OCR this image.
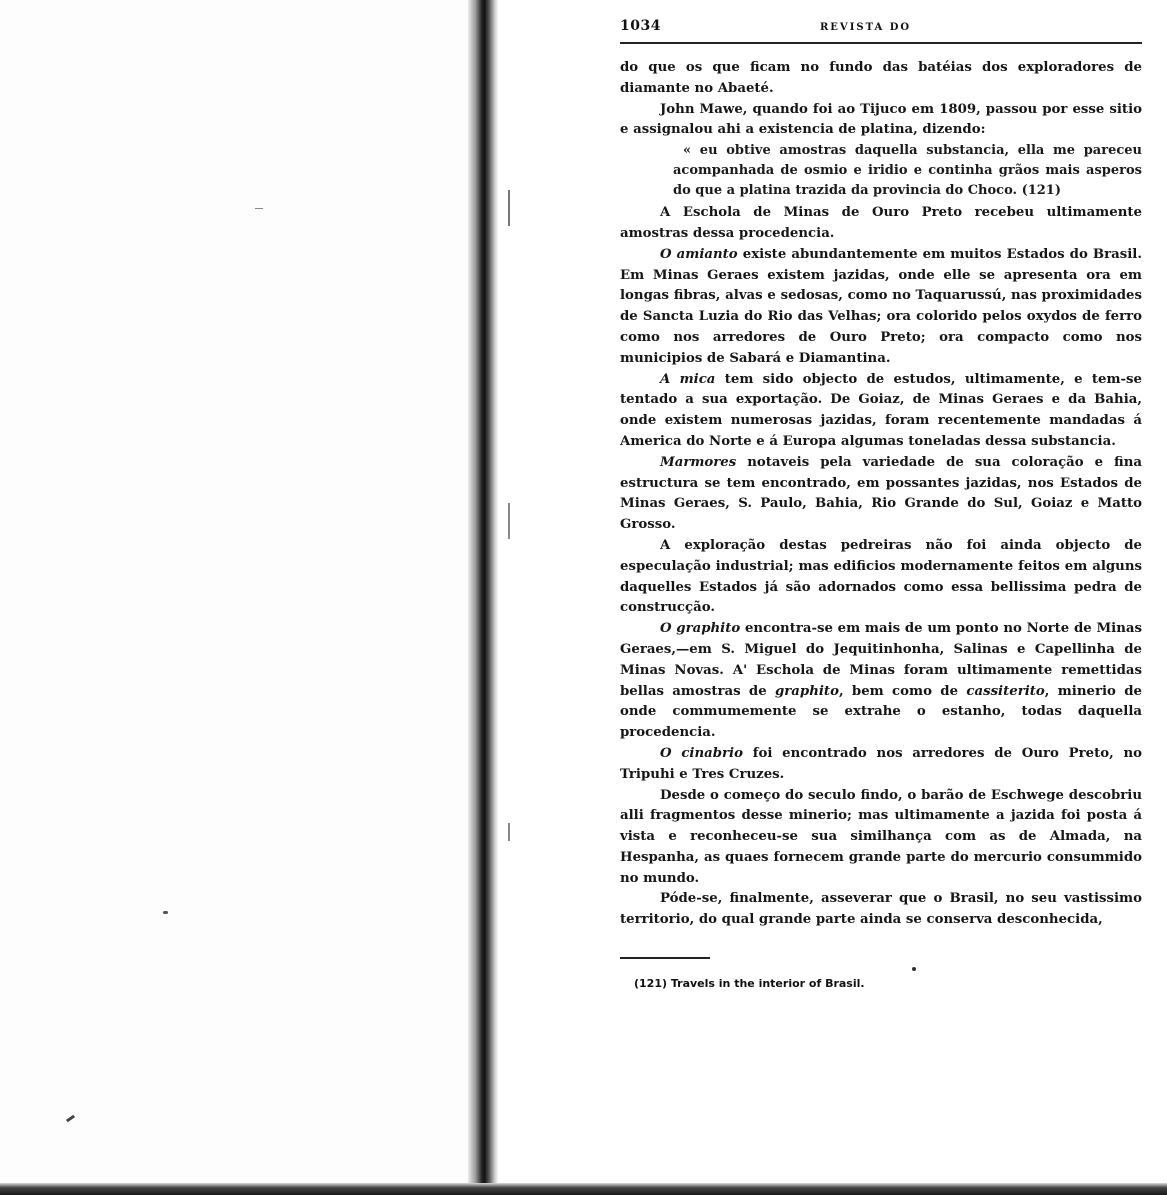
1034	REVISTA DO

do que os que ficam no fundo das batéias dos exploradores de diamante no Abaeté.

John Mawe, quando foi ao Tijuco em 1809, passou por esse sitio e assignalou ahi a existencia de platina, dizendo:

« eu obtive amostras daquella substancia, ella me pareceu acompanhada de osmio e iridio e continha grãos mais asperos do que a platina trazida da provincia do Choco. (121)

A Eschola de Minas de Ouro Preto recebeu ultimamente amostras dessa procedencia.

O amianto existe abundantemente em muitos Estados do Brasil. Em Minas Geraes existem jazidas, onde elle se apresenta ora em longas fibras, alvas e sedosas, como no Taquarussú, nas proximidades de Sancta Luzia do Rio das Velhas; ora colorido pelos oxydos de ferro como nos arredores de Ouro Preto; ora compacto como nos municipios de Sabará e Diamantina.

A mica tem sido objecto de estudos, ultimamente, e tem-se tentado a sua exportação. De Goiaz, de Minas Geraes e da Bahia, onde existem numerosas jazidas, foram recentemente mandadas á America do Norte e á Europa algumas toneladas dessa substancia.

Marmores notaveis pela variedade de sua coloração e fina estructura se tem encontrado, em possantes jazidas, nos Estados de Minas Geraes, S. Paulo, Bahia, Rio Grande do Sul, Goiaz e Matto Grosso.

A exploração destas pedreiras não foi ainda objecto de especulação industrial; mas edificios modernamente feitos em alguns daquelles Estados já são adornados como essa bellissima pedra de construcção.

O graphito encontra-se em mais de um ponto no Norte de Minas Geraes,—em S. Miguel do Jequitinhonha, Salinas e Capellinha de Minas Novas. A' Eschola de Minas foram ultimamente remettidas bellas amostras de graphito, bem como de cassiterito, minerio de onde commumemente se extrahe o estanho, todas daquella procedencia.

O cinabrio foi encontrado nos arredores de Ouro Preto, no Tripuhi e Tres Cruzes.

Desde o começo do seculo findo, o barão de Eschwege descobriu alli fragmentos desse minerio; mas ultimamente a jazida foi posta á vista e reconheceu-se sua similhança com as de Almada, na Hespanha, as quaes fornecem grande parte do mercurio consummido no mundo.

Póde-se, finalmente, asseverar que o Brasil, no seu vastissimo territorio, do qual grande parte ainda se conserva desconhecida,

(121) Travels in the interior of Brasil.
